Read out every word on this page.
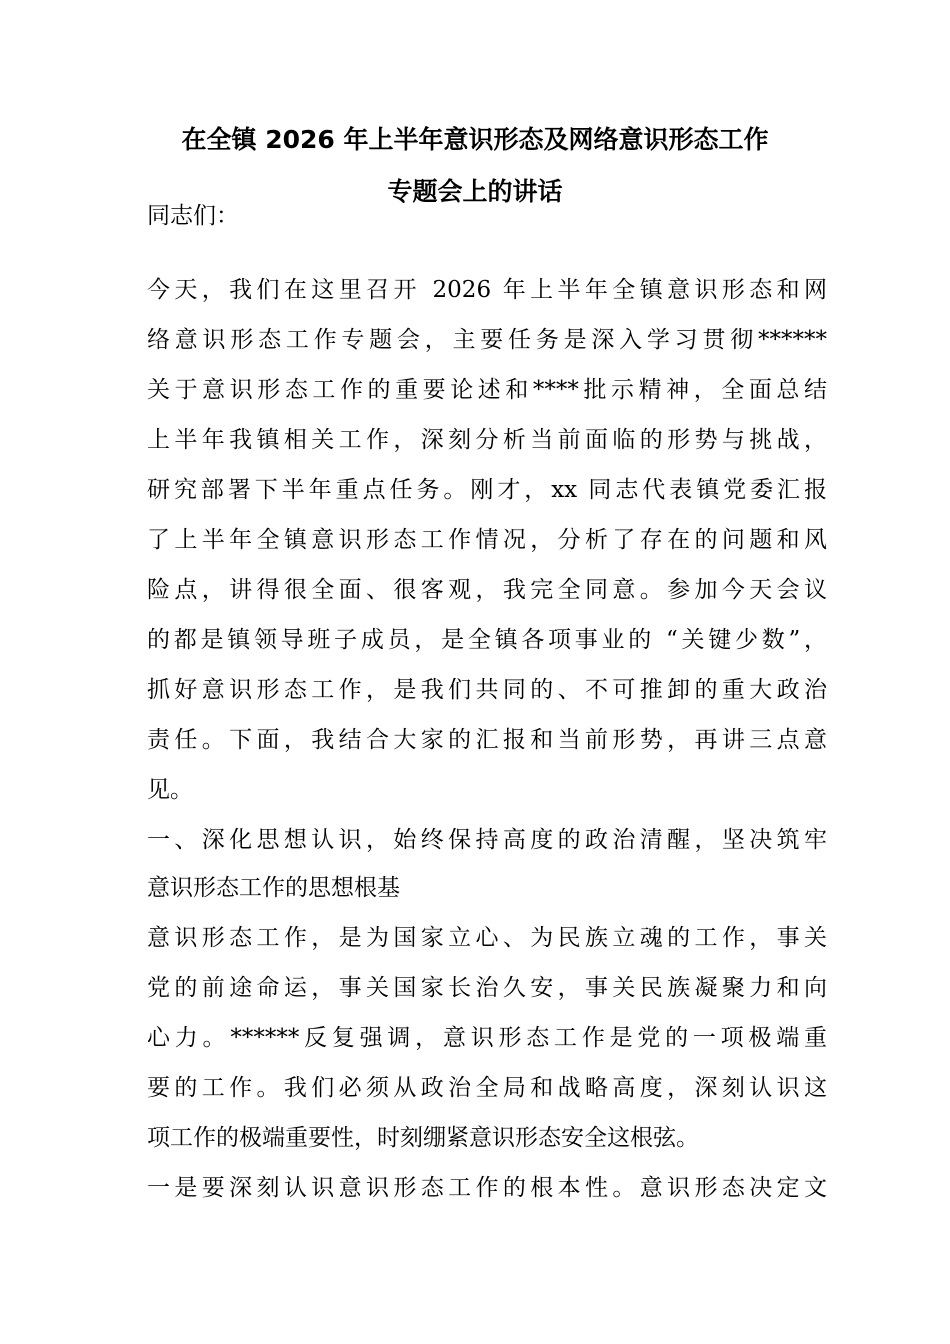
在全镇 2026 年上半年意识形态及网络意识形态工作
专题会上的讲话
同志们：
今天，我们在这里召开 2026 年上半年全镇意识形态和网
络意识形态工作专题会，主要任务是深入学习贯彻******
关于意识形态工作的重要论述和****批示精神，全面总结
上半年我镇相关工作，深刻分析当前面临的形势与挑战，
研究部署下半年重点任务。刚才，xx 同志代表镇党委汇报
了上半年全镇意识形态工作情况，分析了存在的问题和风
险点，讲得很全面、很客观，我完全同意。参加今天会议
的都是镇领导班子成员，是全镇各项事业的 “关键少数”，
抓好意识形态工作，是我们共同的、不可推卸的重大政治
责任。下面，我结合大家的汇报和当前形势，再讲三点意
见。
一、深化思想认识，始终保持高度的政治清醒，坚决筑牢
意识形态工作的思想根基
意识形态工作，是为国家立心、为民族立魂的工作，事关
党的前途命运，事关国家长治久安，事关民族凝聚力和向
心力。******反复强调，意识形态工作是党的一项极端重
要的工作。我们必须从政治全局和战略高度，深刻认识这
项工作的极端重要性，时刻绷紧意识形态安全这根弦。
一是要深刻认识意识形态工作的根本性。意识形态决定文
